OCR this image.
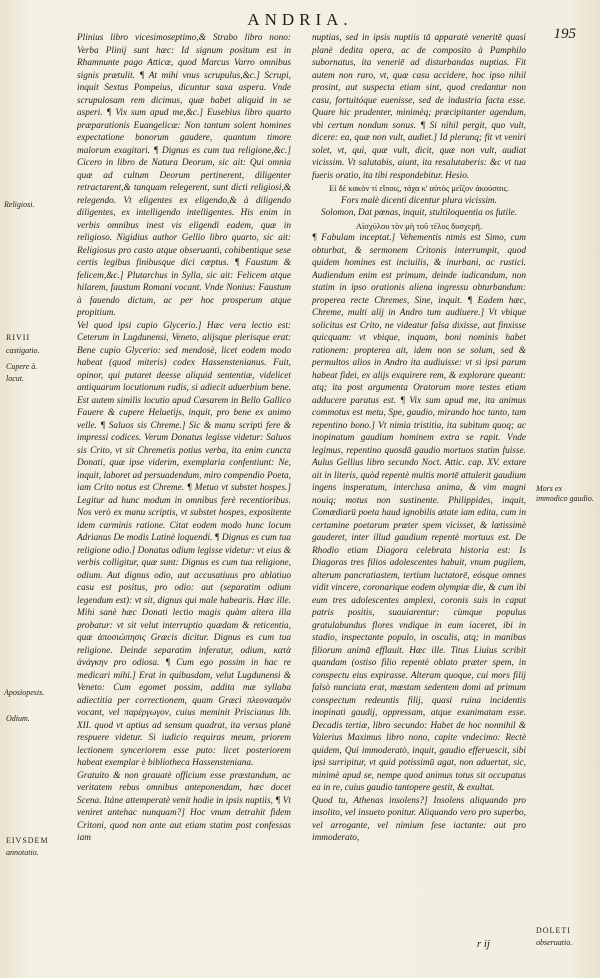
ANDRIA.
195

Plinius libro vicesimoseptimo,& Strabo libro nono: Verba Plinij sunt hæc: Id signum positum est in Rhamnunte pago Atticæ, quod Marcus Varro omnibus signis prætulit. ¶ At mihi vnus scrupulus,&c.] Scrupi, inquit Sextus Pompeius, dicuntur saxa aspera. Vnde scrupulosam rem dicimus, quæ habet aliquid in se asperi. ¶ Vix sum apud me,&c.] Eusebius libro quarto præparationis Euangelicæ: Non tantum solent homines expectatione bonorum gaudere, quantum timore malorum exagitari. ¶ Dignus es cum tua religione,&c.] Cicero in libro de Natura Deorum, sic ait: Qui omnia quæ ad cultum Deorum pertinerent, diligenter retractarent,& tanquam relegerent, sunt dicti religiosi,& relegendo. Vt eligentes ex eligendo,& à diligendo diligentes, ex intelligendo intelligentes. His enim in verbis omnibus inest vis eligendi eadem, quæ in religioso. Nigidius author Gellio libro quarto, sic ait: Religiosus pro casto atque obseruanti, cohibentique sese certis legibus finibusque dici cœptus. ¶ Faustum & felicem,&c.] Plutarchus in Sylla, sic ait: Felicem atque hilarem, faustum Romani vocant. Vnde Nonius: Faustum à fauendo dictum, ac per hoc prosperum atque propitium.

Vel quod ipsi cupio Glycerio.] Hæc vera lectio est: Ceterum in Lugdunensi, Veneto, alijsque plerisque erat: Bene cupio Glycerio: sed mendosè, licet eodem modo habeat (quod miteris) codex Hassenstenianus. Fuit, opinor, qui putaret deesse aliquid sententiæ, videlicet antiquarum locutionum rudis, si adiecit aduerbium bene. Est autem similis locutio apud Cæsarem in Bello Gallico Fauere & cupere Heluetijs, inquit, pro bene ex animo velle. ¶ Saluos sis Chreme.] Sic & manu scripti fere & impressi codices. Verum Donatus legisse videtur: Saluos sis Crito, vt sit Chremetis potius verba, ita enim cuncta Donati, quæ ipse viderim, exemplaria confentiunt: Ne, inquit, laboret ad persuadendum, miro compendio Poeta, iam Crito notus est Chreme. ¶ Metuo vt substet hospes.] Legitur ad hunc modum in omnibus ferè recentioribus. Nos verò ex manu scriptis, vt substet hospes, expositente idem carminis ratione. Citat eodem modo hunc locum Adrianus De modis Latinè loquendi. ¶ Dignus es cum tua religione odio.] Donatus odium legisse videtur: vt eius & verbis colligitur, quæ sunt: Dignus es cum tua religione, odium. Aut dignus odio, aut accusatiuus pro ablatiuo casu est positus, pro odio: aut (separatim odium legendum est): vt sit, dignus qui male habearis. Hæc ille. Mihi sanè hæc Donati lectio magis quàm altera illa probatur: vt sit velut interruptio quædam & reticentia, quæ ἀποσιώπησις Græcis dicitur. Dignus es cum tua religione. Deinde separatim inferatur, odium, κατὰ ἀνάγκην pro odiosa. ¶ Cum ego possim in hac re medicari mihi.] Erat in quibusdam, velut Lugdunensi & Veneto: Cum egomet possim, addita mæ syllaba adiectitia per correctionem, quam Græci πλεονασμὸν vocant, vel παρέργωγον, cuius meminit Priscianus lib. XII. quod vt aptius ad sensum quadrat, ita versus planè respuere videtur. Si iudicio requiras meum, priorem lectionem synceriorem esse puto: licet posteriorem habeat exemplar è bibliotheca Hassensteniana.

Gratuito & non grauatè officium esse præstandum, ac veritatem rebus omnibus anteponendam, hæc docet Scena. Itáne attemperatè venit hodie in ipsis nuptiis, ¶ Vt veniret antehac nunquam?] Hoc vnum detrahit fidem Critoni, quod non ante aut etiam statim post confessas iam

nuptias, sed in ipsis nuptiis tā apparatè veneritē quasi planè dedita opera, ac de composito à Pamphilo subornatus, ita veneriē ad disturbandas nuptias. Fit autem non raro, vt, quæ casu accidere, hoc ipso nihil prosint, aut suspecta etiam sint, quod credantur non casu, fortuitóque euenisse, sed de industria facta esse. Quare hic prudenter, minimèq; præcipitanter agendum, vbi certum nondum sonus. ¶ Si nihil pergit, quo vult, dicere: ea, quæ non vult, audiet.] Id plerunq; fit vt veniri solet, vt, qui, quæ vult, dicit, quæ non vult, audiat vicissim. Vt salutabis, aiunt, ita resalutaberis: &c vt tua fueris oratio, ita tibi respondebitur. Hesio.

Εἰ δέ κακὸν τί εἴποις, τάχα κ' αὐτὸς μεῖζον ἀκούσαις.

Fors malè dicenti dicentur plura vicissim.

Solomon, Dat pœnas, inquit, stultiloquentia os futile.

Αἰσχύλου τὸν μὴ τοῦ τέλος δυσχερῆ.

¶ Fabulam inceptat.] Vehementis ntmis est Simo, cum obturbat, & sermonem Critonis interrumpit, quod quidem homines est inciuilis, & inurbani, ac rustici. Audiendum enim est primum, deinde iudicandum, non statim in ipso orationis aliena ingressu obturbandum: properea recte Chremes, Sine, inquit. ¶ Eadem hæc, Chreme, multi alij in Andro tum audiuere.] Vt vbique solicitus est Crito, ne videatur falsa dixisse, aut finxisse quicquam: vt vbique, inquam, boni nominis habet rationem: propterea ait, idem non se solum, sed & permultos alios in Andro ita audiuisse: vt si ipsi parum habeat fidei, ex alijs exquirere rem, & explorare queant: atq; ita post argumenta Oratorum more testes etiam adducere paratus est. ¶ Vix sum apud me, ita animus commotus est metu, Spe, gaudio, mirando hoc tanto, tam repentino bono.] Vt nimia tristitia, ita subitum quoq; ac inopinatum gaudium hominem extra se rapit. Vnde legimus, repentino quosdā gaudio mortuos statim fuisse. Aulus Gellius libro secundo Noct. Attic. cap. XV. extare ait in literis, quòd repentè multis mortē attulerit gaudium ingens insperatum, interclusa anima, & vim magni nouiq; motus non sustinente. Philippides, inquit, Comœdiarū poeta haud ignobilis ætate iam edita, cum in certamine poetarum præter spem vicisset, & lætissimè gauderet, inter illud gaudium repentè mortuus est. De Rhodio etiam Diagora celebrata historia est: Is Diagoras tres filios adolescentes habuit, vnum pugilem, alterum pancratiastem, tertium luctatorē, eósque omnes vidit vincere, coronarique eodem olympiæ die, & cum ibi eum tres adolescentes amplexi, coronis suis in caput patris positis, suauiarentur: cùmque populus gratulabundus flores vndique in eum iaceret, ibi in stadio, inspectante populo, in osculis, atq; in manibus filiorum animā efflauit. Hæc ille. Titus Liuius scribit quandam (ostiso filio repentè oblato præter spem, in conspectu eius expirasse. Alteram quoque, cui mors filij falsò nunciata erat, mæstam sedentem domi ad primum conspectum redeuntis filij, quasi ruina incidentis inopinati gaudij, oppressam, atque exanimatam esse. Decadis tertiæ, libro secundo: Habet de hoc nonnihil & Valerius Maximus libro nono, capite vndecimo: Rectè quidem, Qui immoderatò, inquit, gaudio efferuescit, sibi ipsi surripitur, vt quid potissimū agat, non aduertat, sic, minimè apud se, nempe quod animus totus sit occupatus ea in re, cuius gaudio tantopere gestit, & exultat.

Quod tu, Athenas insolens?] Insolens aliquando pro insolito, vel insueto ponitur. Aliquando vero pro superbo, vel arrogante, vel nimium fese iactante: aut pro immoderato,

Religiosi.
RIVII
castigatio.
Cupere à.
locut.
Aposiopesis.
Odium.
EIVSDEM
annotatio.
Mors ex immodico gaudio.
DOLETI
obseruatio.
r ij
